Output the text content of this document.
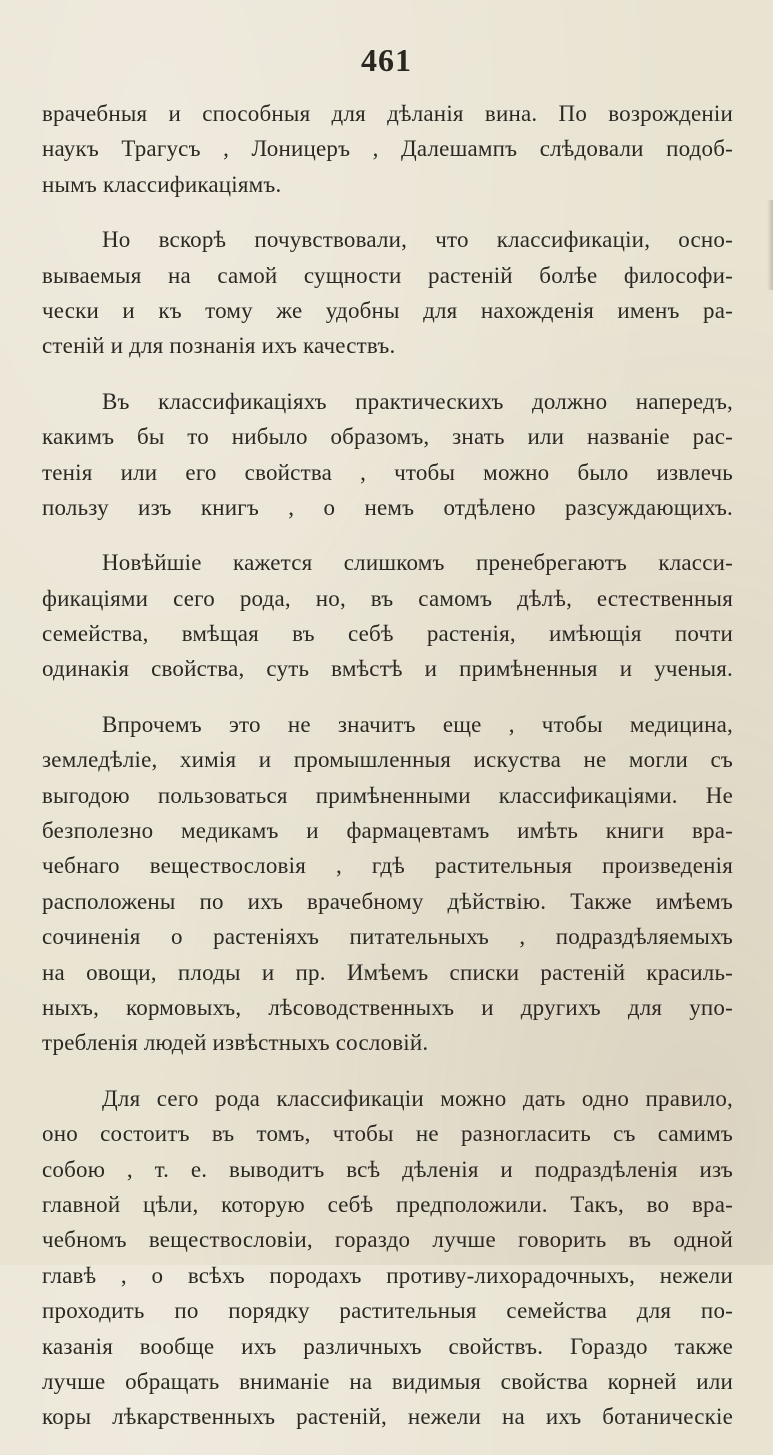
461
врачебныя и способныя для дѣланія вина. По возрожденіи
наукъ Трагусъ , Лоницеръ , Далешампъ слѣдовали подоб-
нымъ классификаціямъ.
Но вскорѣ почувствовали, что классификаціи, осно-
вываемыя на самой сущности растеній болѣе философи-
чески и къ тому же удобны для нахожденія именъ ра-
стеній и для познанія ихъ качествъ.
Въ классификаціяхъ практическихъ должно напередъ,
какимъ бы то нибыло образомъ, знать или названіе рас-
тенія или его свойства , чтобы можно было извлечь
пользу изъ книгъ , о немъ отдѣлено разсуждающихъ.
Новѣйшіе кажется слишкомъ пренебрегаютъ класси-
фикаціями сего рода, но, въ самомъ дѣлѣ, естественныя
семейства, вмѣщая въ себѣ растенія, имѣющія почти
одинакія свойства, суть вмѣстѣ и примѣненныя и ученыя.
Впрочемъ это не значитъ еще , чтобы медицина,
земледѣліе, химія и промышленныя искуства не могли съ
выгодою пользоваться примѣненными классификаціями. Не
безполезно медикамъ и фармацевтамъ имѣть книги вра-
чебнаго веществословія , гдѣ растительныя произведенія
расположены по ихъ врачебному дѣйствію. Также имѣемъ
сочиненія о растеніяхъ питательныхъ , подраздѣляемыхъ
на овощи, плоды и пр. Имѣемъ списки растеній красиль-
ныхъ, кормовыхъ, лѣсоводственныхъ и другихъ для упо-
требленія людей извѣстныхъ сословій.
Для сего рода классификаціи можно дать одно правило,
оно состоитъ въ томъ, чтобы не разногласить съ самимъ
собою , т. е. выводитъ всѣ дѣленія и подраздѣленія изъ
главной цѣли, которую себѣ предположили. Такъ, во вра-
чебномъ веществословіи, гораздо лучше говорить въ одной
главѣ , о всѣхъ породахъ противу-лихорадочныхъ, нежели
проходить по порядку растительныя семейства для по-
казанія вообще ихъ различныхъ свойствъ. Гораздо также
лучше обращать вниманіе на видимыя свойства корней или
коры лѣкарственныхъ растеній, нежели на ихъ ботаническіе
